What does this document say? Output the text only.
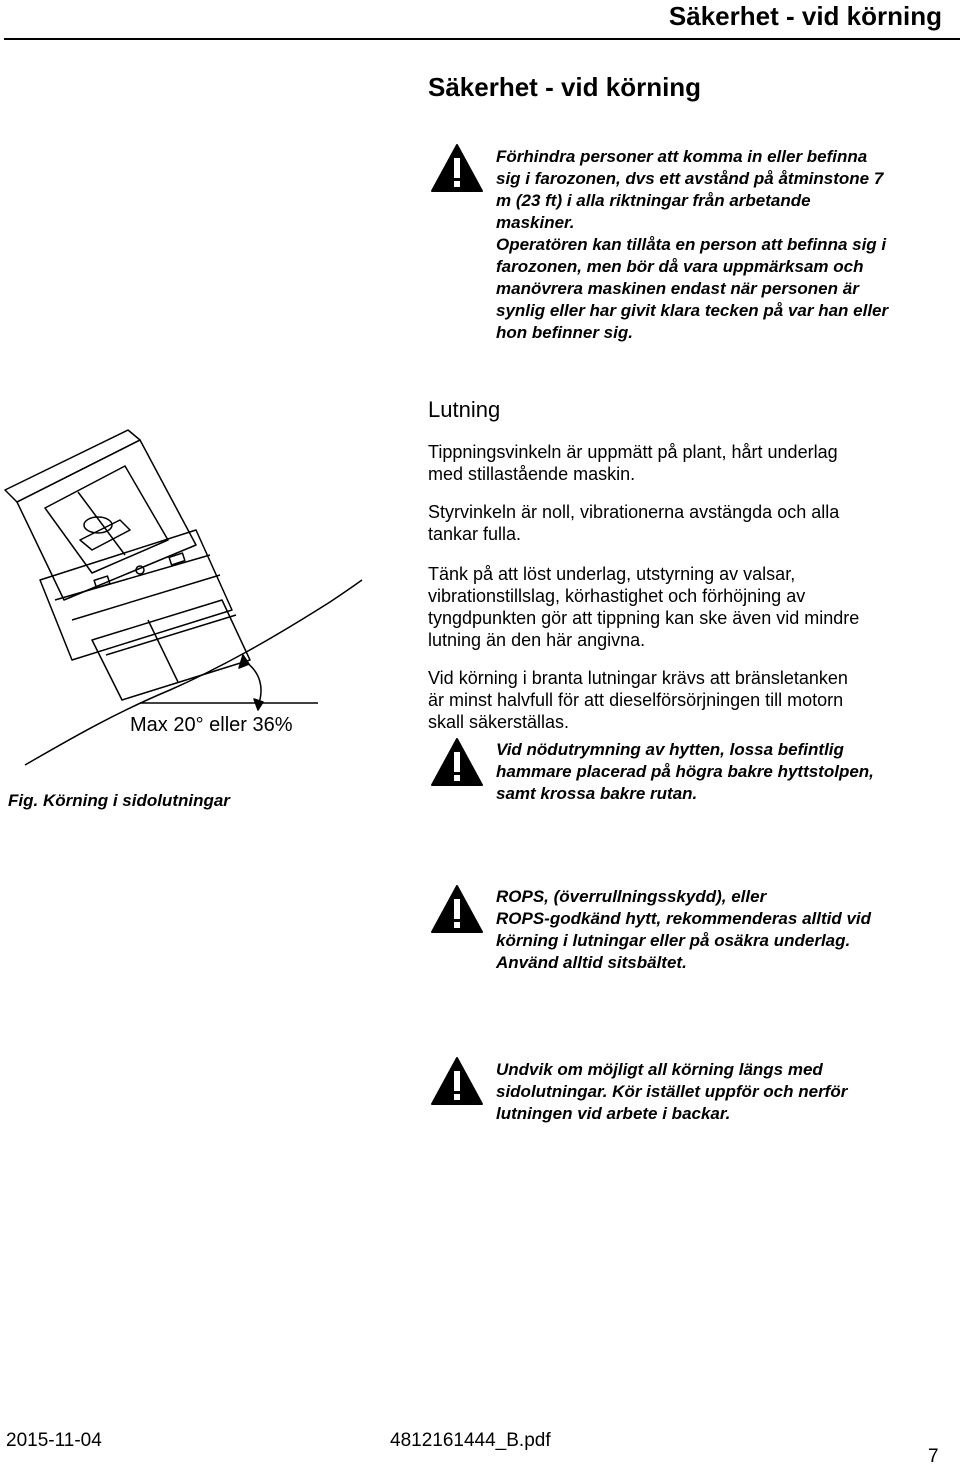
Säkerhet - vid körning
Säkerhet - vid körning

Förhindra personer att komma in eller befinna
sig i farozonen, dvs ett avstånd på åtminstone 7
m (23 ft) i alla riktningar från arbetande
maskiner.
Operatören kan tillåta en person att befinna sig i
farozonen, men bör då vara uppmärksam och
manövrera maskinen endast när personen är
synlig eller har givit klara tecken på var han eller
hon befinner sig.

Lutning

Tippningsvinkeln är uppmätt på plant, hårt underlag
med stillastående maskin.

Styrvinkeln är noll, vibrationerna avstängda och alla
tankar fulla.

Tänk på att löst underlag, utstyrning av valsar,
vibrationstillslag, körhastighet och förhöjning av
tyngdpunkten gör att tippning kan ske även vid mindre
lutning än den här angivna.

Vid körning i branta lutningar krävs att bränsletanken
är minst halvfull för att dieselförsörjningen till motorn
skall säkerställas.

Vid nödutrymning av hytten, lossa befintlig
hammare placerad på högra bakre hyttstolpen,
samt krossa bakre rutan.

Max 20° eller 36%
Fig. Körning i sidolutningar

ROPS, (överrullningsskydd), eller
ROPS-godkänd hytt, rekommenderas alltid vid
körning i lutningar eller på osäkra underlag.
Använd alltid sitsbältet.

Undvik om möjligt all körning längs med
sidolutningar. Kör istället uppför och nerför
lutningen vid arbete i backar.

2015-11-04	4812161444_B.pdf
7
